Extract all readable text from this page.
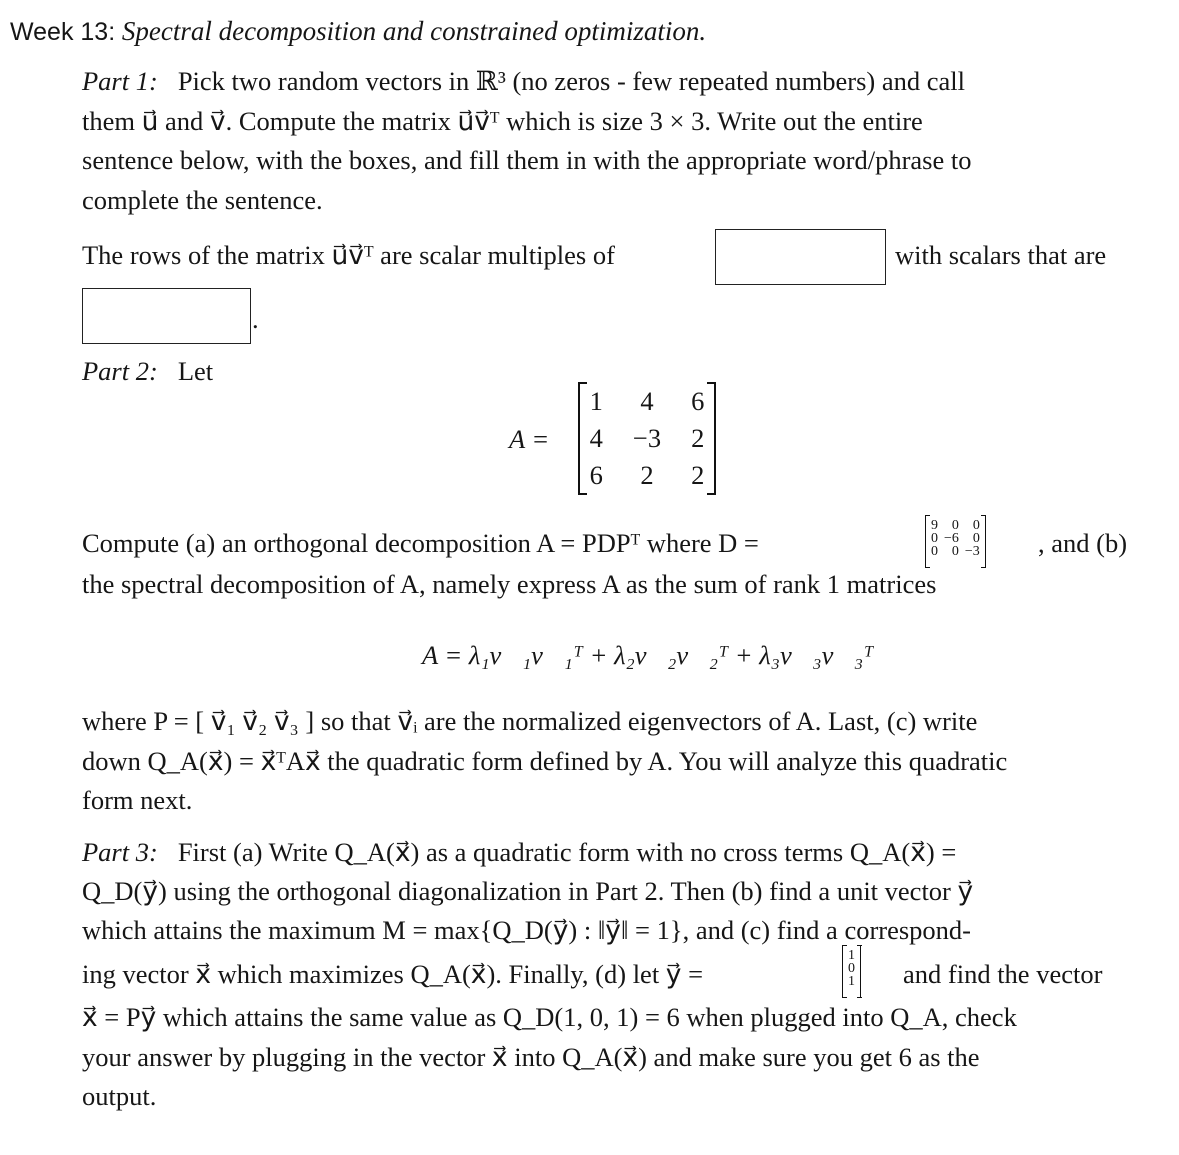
Week 13: Spectral decomposition and constrained optimization.
Part 1: Pick two random vectors in ℝ³ (no zeros - few repeated numbers) and call
them u⃗ and v⃗. Compute the matrix u⃗v⃗ᵀ which is size 3 × 3. Write out the entire
sentence below, with the boxes, and fill them in with the appropriate word/phrase to
complete the sentence.
The rows of the matrix u⃗v⃗ᵀ are scalar multiples of	with scalars that are
.
Part 2: Let
A =
1	4	6
4	−3	2
6	2	2
Compute (a) an orthogonal decomposition A = PDPᵀ where D =
9	0	0
0	−6	0
0	0	−3 , and (b)
the spectral decomposition of A, namely express A as the sum of rank 1 matrices
A = λ₁v⃗₁v⃗₁ᵀ + λ₂v⃗₂v⃗₂ᵀ + λ₃v⃗₃v⃗₃ᵀ
where P = [ v⃗₁ v⃗₂ v⃗₃ ] so that v⃗ᵢ are the normalized eigenvectors of A. Last, (c) write
down Q_A(x⃗) = x⃗ᵀAx⃗ the quadratic form defined by A. You will analyze this quadratic
form next.
Part 3: First (a) Write Q_A(x⃗) as a quadratic form with no cross terms Q_A(x⃗) =
Q_D(y⃗) using the orthogonal diagonalization in Part 2. Then (b) find a unit vector y⃗
which attains the maximum M = max{Q_D(y⃗) : ‖y⃗‖ = 1}, and (c) find a correspond-
ing vector x⃗ which maximizes Q_A(x⃗). Finally, (d) let y⃗ =
1
0
1 and find the vector
x⃗ = Py⃗ which attains the same value as Q_D(1, 0, 1) = 6 when plugged into Q_A, check
your answer by plugging in the vector x⃗ into Q_A(x⃗) and make sure you get 6 as the
output.
